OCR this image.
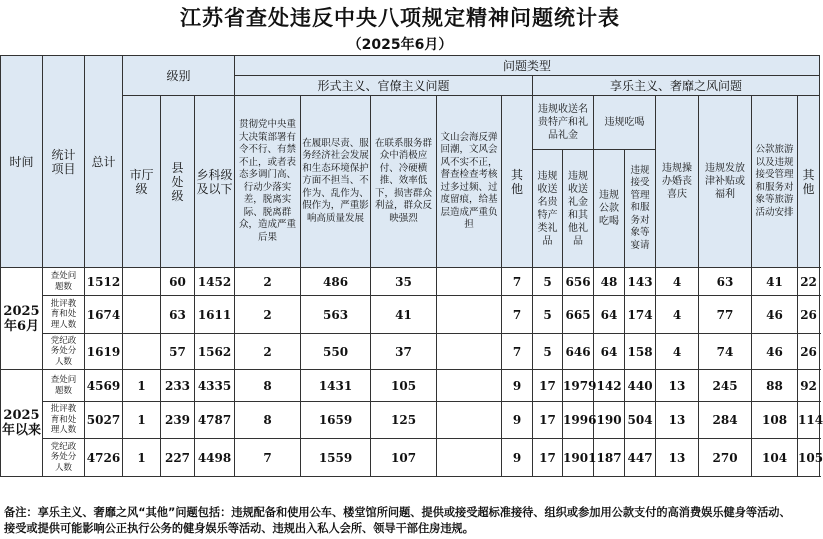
江苏省查处违反中央八项规定精神问题统计表
（2025年6月）
时间	统计项目	总计	级别			问题类型												
						形式主义、官僚主义问题					享乐主义、奢靡之风问题							

			市厅级	县处级	乡科级及以下	贯彻党中央重大决策部署有令不行、有禁不止，或者表态多调门高、行动少落实差，脱离实际、脱离群众，造成严重后果	在履职尽责、服务经济社会发展和生态环境保护方面不担当、不作为、乱作为、假作为，严重影响高质量发展	在联系服务群众中消极应付、冷硬横推、效率低下，损害群众利益，群众反映强烈	文山会海反弹回潮，文风会风不实不正，督查检查考核过多过频、过度留痕，给基层造成严重负担	其他	违规收送名贵特产和礼品礼金		违规吃喝		违规操办婚丧喜庆	违规发放津补贴或福利	公款旅游以及违规接受管理和服务对象等旅游活动安排	其他
											违规收送名贵特产类礼品	违规收送礼金和其他礼品	违规公款吃喝	违规接受管理和服务对象等宴请				
2025年6月	查处问题数	1512		60	1452	2	486	35		7	5	656	48	143	4	63	41	22

	批评教育和处理人数	1674		63	1611	2	563	41		7	5	665	64	174	4	77	46	26

	党纪政务处分人数	1619		57	1562	2	550	37		7	5	646	64	158	4	74	46	26
2025年以来	查处问题数	4569	1	233	4335	8	1431	105		9	17	1979	142	440	13	245	88	92

	批评教育和处理人数	5027	1	239	4787	8	1659	125		9	17	1996	190	504	13	284	108	114

	党纪政务处分人数	4726	1	227	4498	7	1559	107		9	17	1901	187	447	13	270	104	105
备注：享乐主义、奢靡之风“其他”问题包括：违规配备和使用公车、楼堂馆所问题、提供或接受超标准接待、组织或参加用公款支付的高消费娱乐健身等活动、接受或提供可能影响公正执行公务的健身娱乐等活动、违规出入私人会所、领导干部住房违规。
